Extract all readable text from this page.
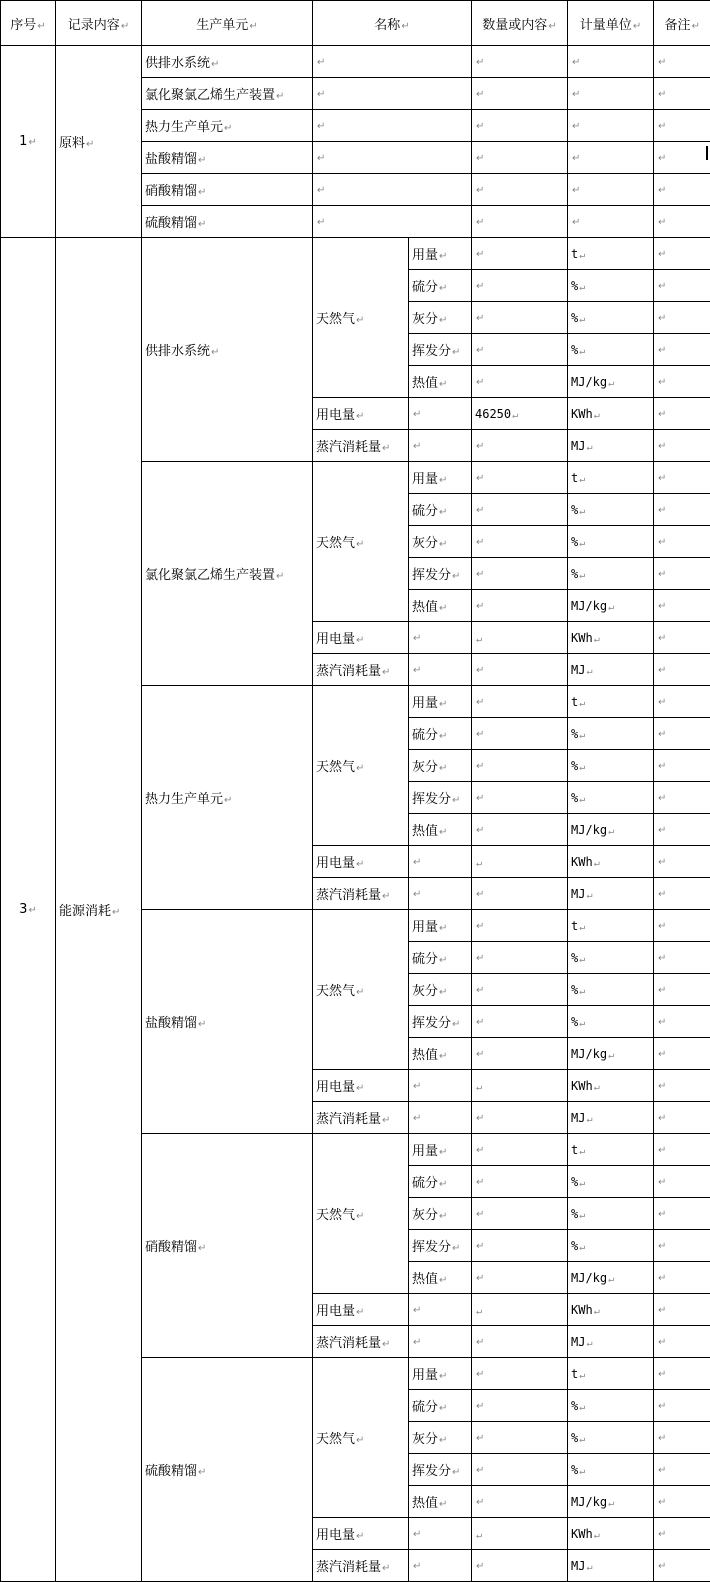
序号↵	记录内容↵	生产单元↵	名称↵		数量或内容↵	计量单位↵	备注↵
1↵	原料↵	供排水系统↵	↵		↵	↵	↵
		氯化聚氯乙烯生产装置↵	↵		↵	↵	↵
		热力生产单元↵	↵		↵	↵	↵
		盐酸精馏↵	↵		↵	↵	↵
		硝酸精馏↵	↵		↵	↵	↵
		硫酸精馏↵	↵		↵	↵	↵
3↵	能源消耗↵	供排水系统↵	天然气↵	用量↵	↵	t↵	↵
				硫分↵	↵	%↵	↵
				灰分↵	↵	%↵	↵
				挥发分↵	↵	%↵	↵
				热值↵	↵	MJ/kg↵	↵
			用电量↵	↵	46250↵	KWh↵	↵
			蒸汽消耗量↵	↵	↵	MJ↵	↵
		氯化聚氯乙烯生产装置↵	天然气↵	用量↵	↵	t↵	↵
				硫分↵	↵	%↵	↵
				灰分↵	↵	%↵	↵
				挥发分↵	↵	%↵	↵
				热值↵	↵	MJ/kg↵	↵
			用电量↵	↵	↵	KWh↵	↵
			蒸汽消耗量↵	↵	↵	MJ↵	↵
		热力生产单元↵	天然气↵	用量↵	↵	t↵	↵
				硫分↵	↵	%↵	↵
				灰分↵	↵	%↵	↵
				挥发分↵	↵	%↵	↵
				热值↵	↵	MJ/kg↵	↵
			用电量↵	↵	↵	KWh↵	↵
			蒸汽消耗量↵	↵	↵	MJ↵	↵
		盐酸精馏↵	天然气↵	用量↵	↵	t↵	↵
				硫分↵	↵	%↵	↵
				灰分↵	↵	%↵	↵
				挥发分↵	↵	%↵	↵
				热值↵	↵	MJ/kg↵	↵
			用电量↵	↵	↵	KWh↵	↵
			蒸汽消耗量↵	↵	↵	MJ↵	↵
		硝酸精馏↵	天然气↵	用量↵	↵	t↵	↵
				硫分↵	↵	%↵	↵
				灰分↵	↵	%↵	↵
				挥发分↵	↵	%↵	↵
				热值↵	↵	MJ/kg↵	↵
			用电量↵	↵	↵	KWh↵	↵
			蒸汽消耗量↵	↵	↵	MJ↵	↵
		硫酸精馏↵	天然气↵	用量↵	↵	t↵	↵
				硫分↵	↵	%↵	↵
				灰分↵	↵	%↵	↵
				挥发分↵	↵	%↵	↵
				热值↵	↵	MJ/kg↵	↵
			用电量↵	↵	↵	KWh↵	↵
			蒸汽消耗量↵	↵	↵	MJ↵	↵
